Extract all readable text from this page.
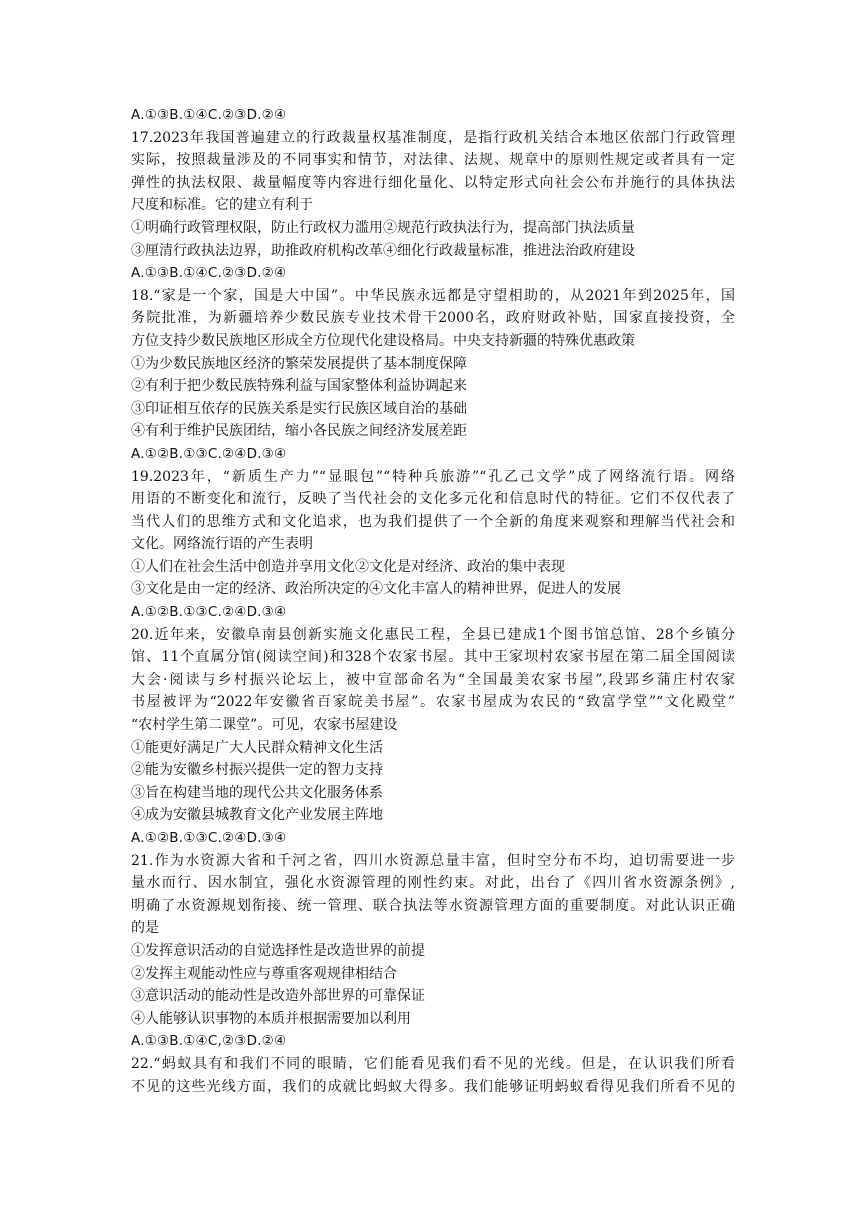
A.①③B.①④C.②③D.②④
17.2023年我国普遍建立的行政裁量权基准制度，是指行政机关结合本地区依部门行政管理
实际，按照裁量涉及的不同事实和情节，对法律、法规、规章中的原则性规定或者具有一定
弹性的执法权限、裁量幅度等内容进行细化量化、以特定形式向社会公布并施行的具体执法
尺度和标准。它的建立有利于
①明确行政管理权限，防止行政权力滥用②规范行政执法行为，提高部门执法质量
③厘清行政执法边界，助推政府机构改革④细化行政裁量标准，推进法治政府建设
A.①③B.①④C.②③D.②④
18.“家是一个家，国是大中国”。中华民族永远都是守望相助的，从2021年到2025年，国
务院批准，为新疆培养少数民族专业技术骨干2000名，政府财政补贴，国家直接投资，全
方位支持少数民族地区形成全方位现代化建设格局。中央支持新疆的特殊优惠政策
①为少数民族地区经济的繁荣发展提供了基本制度保障
②有利于把少数民族特殊利益与国家整体利益协调起来
③印证相互依存的民族关系是实行民族区域自治的基础
④有利于维护民族团结，缩小各民族之间经济发展差距
A.①②B.①③C.②④D.③④
19.2023年，“新质生产力”“显眼包”“特种兵旅游”“孔乙己文学”成了网络流行语。网络
用语的不断变化和流行，反映了当代社会的文化多元化和信息时代的特征。它们不仅代表了
当代人们的思维方式和文化追求，也为我们提供了一个全新的角度来观察和理解当代社会和
文化。网络流行语的产生表明
①人们在社会生活中创造并享用文化②文化是对经济、政治的集中表现
③文化是由一定的经济、政治所决定的④文化丰富人的精神世界，促进人的发展
A.①②B.①③C.②④D.③④
20.近年来，安徽阜南县创新实施文化惠民工程，全县已建成1个图书馆总馆、28个乡镇分
馆、11个直属分馆(阅读空间)和328个农家书屋。其中王家坝村农家书屋在第二届全国阅读
大会·阅读与乡村振兴论坛上，被中宣部命名为“全国最美农家书屋”,段郢乡蒲庄村农家
书屋被评为“2022年安徽省百家皖美书屋”。农家书屋成为农民的“致富学堂”“文化殿堂”
“农村学生第二课堂”。可见，农家书屋建设
①能更好满足广大人民群众精神文化生活
②能为安徽乡村振兴提供一定的智力支持
③旨在构建当地的现代公共文化服务体系
④成为安徽县城教育文化产业发展主阵地
A.①②B.①③C.②④D.③④
21.作为水资源大省和千河之省，四川水资源总量丰富，但时空分布不均，迫切需要进一步
量水而行、因水制宜，强化水资源管理的刚性约束。对此，出台了《四川省水资源条例》,
明确了水资源规划衔接、统一管理、联合执法等水资源管理方面的重要制度。对此认识正确
的是
①发挥意识活动的自觉选择性是改造世界的前提
②发挥主观能动性应与尊重客观规律相结合
③意识活动的能动性是改造外部世界的可靠保证
④人能够认识事物的本质并根据需要加以利用
A.①③B.①④C,②③D.②④
22.“蚂蚁具有和我们不同的眼睛，它们能看见我们看不见的光线。但是，在认识我们所看
不见的这些光线方面，我们的成就比蚂蚁大得多。我们能够证明蚂蚁看得见我们所看不见的
